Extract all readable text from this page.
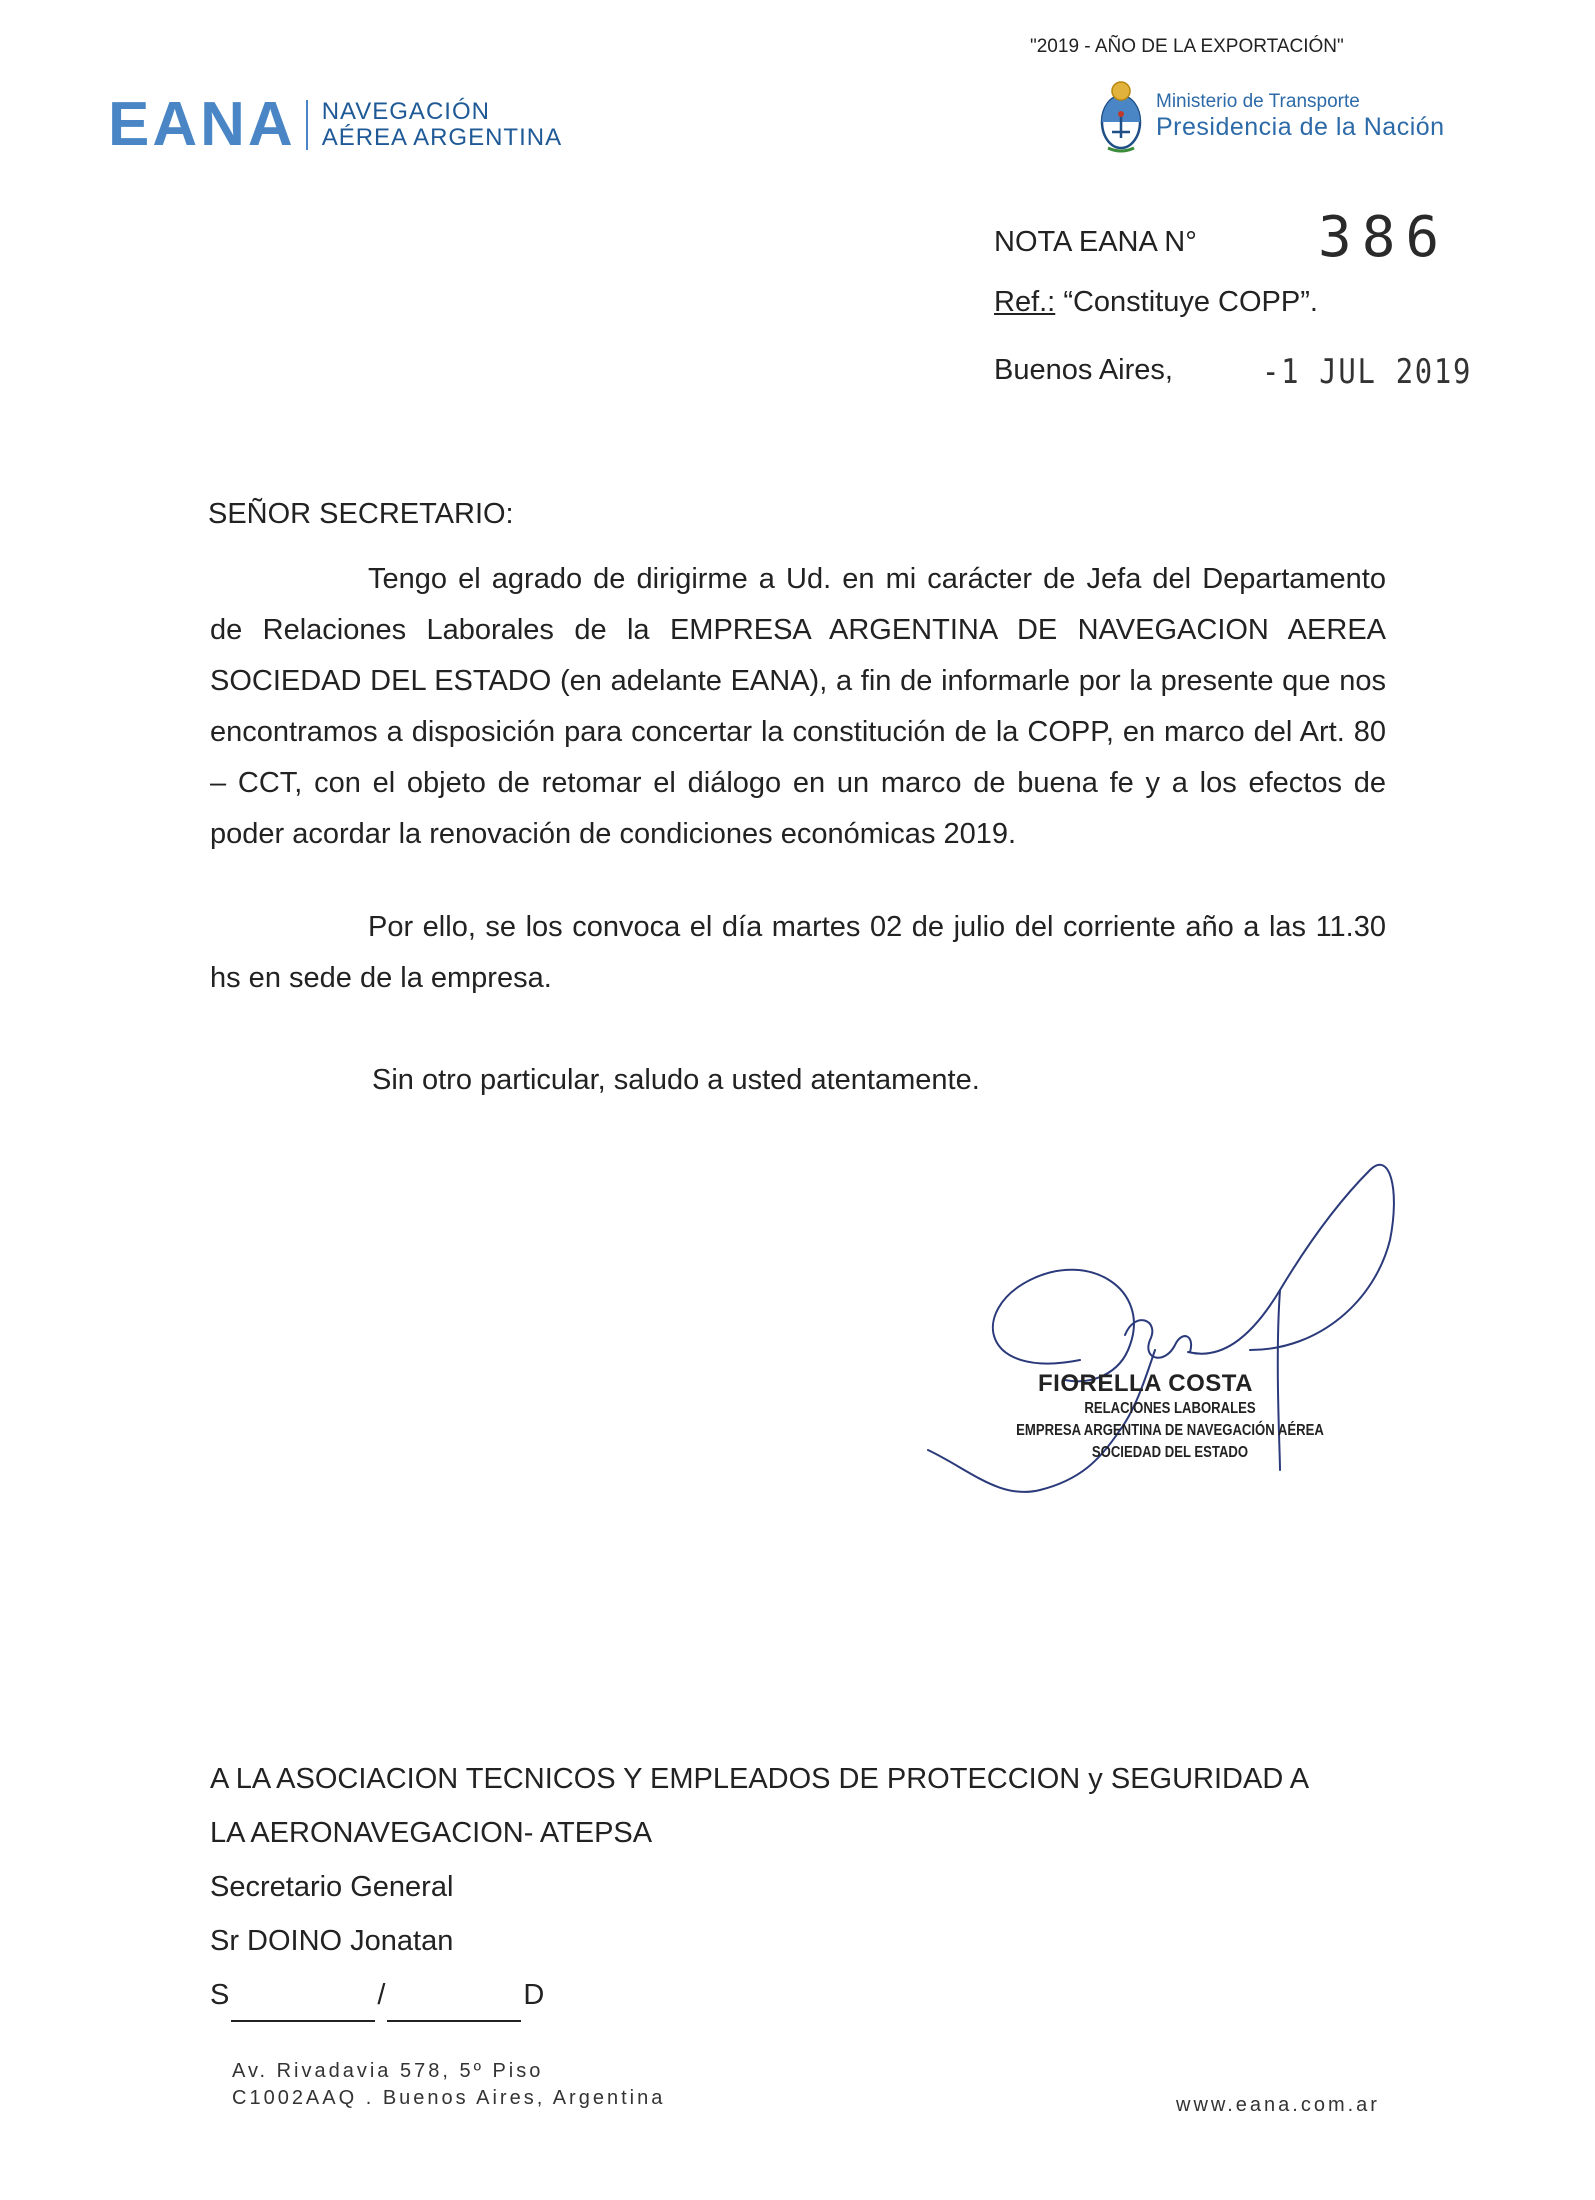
"2019 - AÑO DE LA EXPORTACIÓN"
EANA NAVEGACIÓN
AÉREA ARGENTINA
Ministerio de Transporte
Presidencia de la Nación
NOTA EANA N° 386
Ref.: “Constituye COPP”.
Buenos Aires,	‑1 JUL 2019
SEÑOR SECRETARIO:
Tengo el agrado de dirigirme a Ud. en mi carácter de Jefa del Departamento de Relaciones Laborales de la EMPRESA ARGENTINA DE NAVEGACION AEREA SOCIEDAD DEL ESTADO (en adelante EANA), a fin de informarle por la presente que nos encontramos a disposición para concertar la constitución de la COPP, en marco del Art. 80 – CCT, con el objeto de retomar el diálogo en un marco de buena fe y a los efectos de poder acordar la renovación de condiciones económicas 2019.
Por ello, se los convoca el día martes 02 de julio del corriente año a las 11.30 hs en sede de la empresa.
Sin otro particular, saludo a usted atentamente.
FIORELLA COSTA
RELACIONES LABORALES
EMPRESA ARGENTINA DE NAVEGACIÓN AÉREA
SOCIEDAD DEL ESTADO
A LA ASOCIACION TECNICOS Y EMPLEADOS DE PROTECCION y SEGURIDAD A
LA AERONAVEGACION- ATEPSA
Secretario General
Sr DOINO Jonatan
S	/	D
Av. Rivadavia 578, 5º Piso
C1002AAQ . Buenos Aires, Argentina	www.eana.com.ar
